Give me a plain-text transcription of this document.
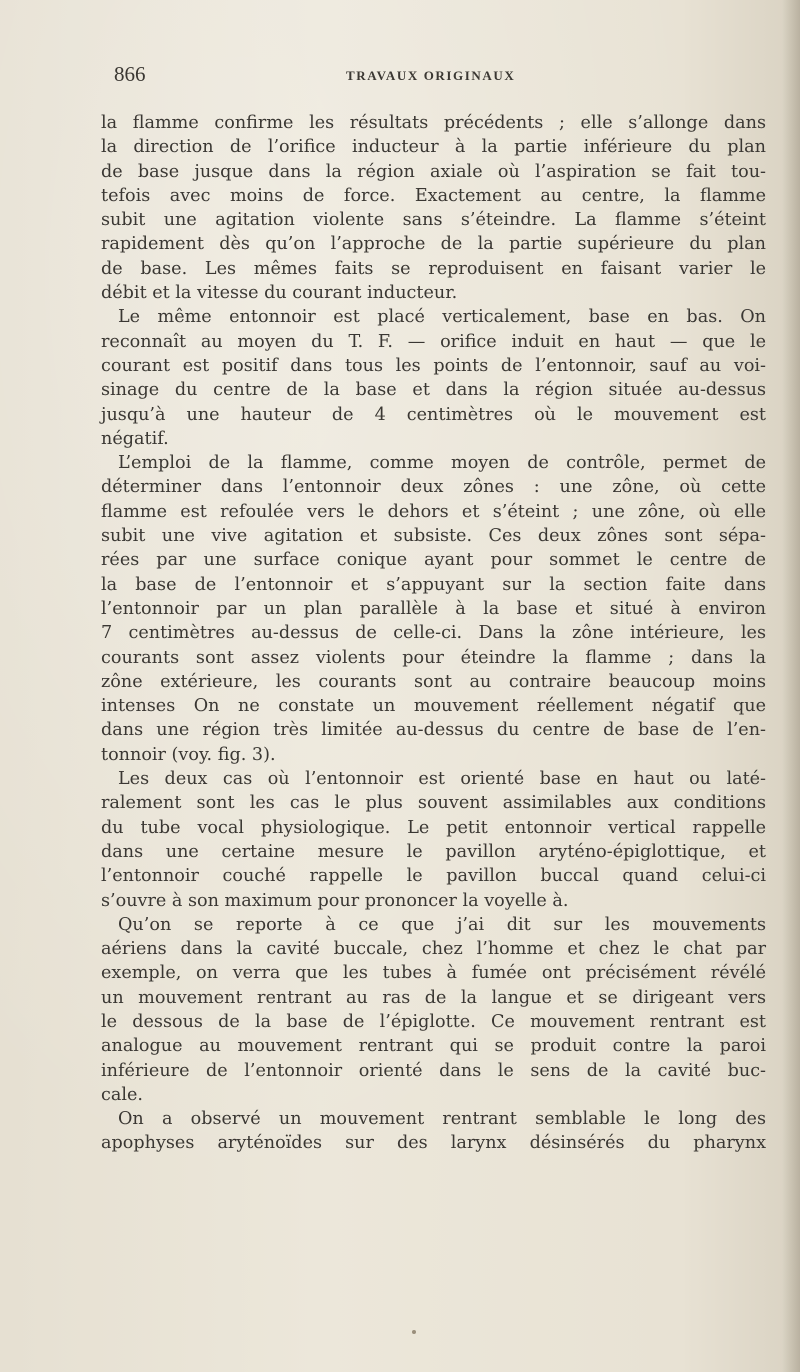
866	TRAVAUX ORIGINAUX
la flamme confirme les résultats précédents ; elle s’allonge dans
la direction de l’orifice inducteur à la partie inférieure du plan
de base jusque dans la région axiale où l’aspiration se fait tou-
tefois avec moins de force. Exactement au centre, la flamme
subit une agitation violente sans s’éteindre. La flamme s’éteint
rapidement dès qu’on l’approche de la partie supérieure du plan
de base. Les mêmes faits se reproduisent en faisant varier le
débit et la vitesse du courant inducteur.
Le même entonnoir est placé verticalement, base en bas. On
reconnaît au moyen du T. F. — orifice induit en haut — que le
courant est positif dans tous les points de l’entonnoir, sauf au voi-
sinage du centre de la base et dans la région située au-dessus
jusqu’à une hauteur de 4 centimètres où le mouvement est
négatif.
L’emploi de la flamme, comme moyen de contrôle, permet de
déterminer dans l’entonnoir deux zônes : une zône, où cette
flamme est refoulée vers le dehors et s’éteint ; une zône, où elle
subit une vive agitation et subsiste. Ces deux zônes sont sépa-
rées par une surface conique ayant pour sommet le centre de
la base de l’entonnoir et s’appuyant sur la section faite dans
l’entonnoir par un plan parallèle à la base et situé à environ
7 centimètres au-dessus de celle-ci. Dans la zône intérieure, les
courants sont assez violents pour éteindre la flamme ; dans la
zône extérieure, les courants sont au contraire beaucoup moins
intenses On ne constate un mouvement réellement négatif que
dans une région très limitée au-dessus du centre de base de l’en-
tonnoir (voy. fig. 3).
Les deux cas où l’entonnoir est orienté base en haut ou laté-
ralement sont les cas le plus souvent assimilables aux conditions
du tube vocal physiologique. Le petit entonnoir vertical rappelle
dans une certaine mesure le pavillon aryténo-épiglottique, et
l’entonnoir couché rappelle le pavillon buccal quand celui-ci
s’ouvre à son maximum pour prononcer la voyelle à.
Qu’on se reporte à ce que j’ai dit sur les mouvements
aériens dans la cavité buccale, chez l’homme et chez le chat par
exemple, on verra que les tubes à fumée ont précisément révélé
un mouvement rentrant au ras de la langue et se dirigeant vers
le dessous de la base de l’épiglotte. Ce mouvement rentrant est
analogue au mouvement rentrant qui se produit contre la paroi
inférieure de l’entonnoir orienté dans le sens de la cavité buc-
cale.
On a observé un mouvement rentrant semblable le long des
apophyses aryténoïdes sur des larynx désinsérés du pharynx
